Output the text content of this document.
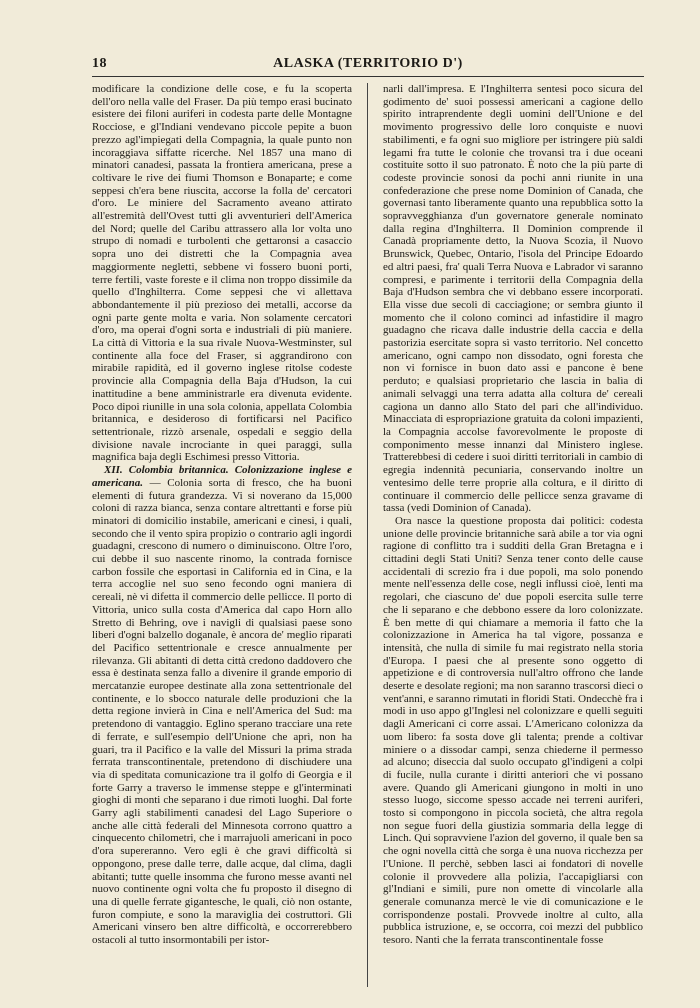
18	ALASKA (TERRITORIO D')

modificare la condizione delle cose, e fu la scoperta dell'oro nella valle del Fraser. Da più tempo erasi bucinato esistere dei filoni auriferi in codesta parte delle Montagne Rocciose, e gl'Indiani vendevano piccole pepite a buon prezzo agl'impiegati della Compagnia, la quale punto non incoraggiava siffatte ricerche. Nel 1857 una mano di minatori canadesi, passata la frontiera americana, prese a coltivare le rive dei fiumi Thomson e Bonaparte; e come seppesi ch'era bene riuscita, accorse la folla de' cercatori d'oro. Le miniere del Sacramento aveano attirato all'estremità dell'Ovest tutti gli avventurieri dell'America del Nord; quelle del Caribu attrassero alla lor volta uno strupo di nomadi e turbolenti che gettaronsi a casaccio sopra uno dei distretti che la Compagnia avea maggiormente negletti, sebbene vi fossero buoni porti, terre fertili, vaste foreste e il clima non troppo dissimile da quello d'Inghilterra. Come seppesi che vi allettava abbondantemente il più prezioso dei metalli, accorse da ogni parte gente molta e varia. Non solamente cercatori d'oro, ma operai d'ogni sorta e industriali di più maniere. La città di Vittoria e la sua rivale Nuova-Westminster, sul continente alla foce del Fraser, si aggrandirono con mirabile rapidità, ed il governo inglese ritolse codeste provincie alla Compagnia della Baja d'Hudson, la cui inattitudine a bene amministrarle era divenuta evidente. Poco dipoi riunille in una sola colonia, appellata Colombia britannica, e desideroso di fortificarsi nel Pacifico settentrionale, rizzò arsenale, ospedali e seggio della divisione navale incrociante in quei paraggi, sulla magnifica baja degli Eschimesi presso Vittoria.

XII. Colombia britannica. Colonizzazione inglese e americana. — Colonia sorta di fresco, che ha buoni elementi di futura grandezza. Vi si noverano da 15,000 coloni di razza bianca, senza contare altrettanti e forse più minatori di domicilio instabile, americani e cinesi, i quali, secondo che il vento spira propizio o contrario agli ingordi guadagni, crescono di numero o diminuiscono. Oltre l'oro, cui debbe il suo nascente rinomo, la contrada fornisce carbon fossile che esportasi in California ed in Cina, e la terra accoglie nel suo seno fecondo ogni maniera di cereali, nè vi difetta il commercio delle pellicce. Il porto di Vittoria, unico sulla costa d'America dal capo Horn allo Stretto di Behring, ove i navigli di qualsiasi paese sono liberi d'ogni balzello doganale, è ancora de' meglio riparati del Pacifico settentrionale e cresce annualmente per rilevanza. Gli abitanti di detta città credono daddovero che essa è destinata senza fallo a divenire il grande emporio di mercatanzie europee destinate alla zona settentrionale del continente, e lo sbocco naturale delle produzioni che la detta regione invierà in Cina e nell'America del Sud: ma pretendono di vantaggio. Eglino sperano tracciare una rete di ferrate, e sull'esempio dell'Unione che aprì, non ha guari, tra il Pacifico e la valle del Missuri la prima strada ferrata transcontinentale, pretendono di dischiudere una via di speditata comunicazione tra il golfo di Georgia e il forte Garry a traverso le immense steppe e gl'interminati gioghi di monti che separano i due rimoti luoghi. Dal forte Garry agli stabilimenti canadesi del Lago Superiore o anche alle città federali del Minnesota corrono quattro a cinquecento chilometri, che i marrajuoli americani in poco d'ora supereranno. Vero egli è che gravi difficoltà si oppongono, prese dalle terre, dalle acque, dal clima, dagli abitanti; tutte quelle insomma che furono messe avanti nel nuovo continente ogni volta che fu proposto il disegno di una di quelle ferrate gigantesche, le quali, ciò non ostante, furon compiute, e sono la maraviglia dei costruttori. Gli Americani vinsero ben altre difficoltà, e occorrerebbero ostacoli al tutto insormontabili per istor-

narli dall'impresa. E l'Inghilterra sentesi poco sicura del godimento de' suoi possessi americani a cagione dello spirito intraprendente degli uomini dell'Unione e del movimento progressivo delle loro conquiste e nuovi stabilimenti, e fa ogni suo migliore per istringere più saldi legami fra tutte le colonie che trovansi tra i due oceani costituite sotto il suo patronato. È noto che la più parte di codeste provincie sonosi da pochi anni riunite in una confederazione che prese nome Dominion of Canada, che governasi tanto liberamente quanto una repubblica sotto la sopravvegghianza d'un governatore generale nominato dalla regina d'Inghilterra. Il Dominion comprende il Canadà propriamente detto, la Nuova Scozia, il Nuovo Brunswick, Quebec, Ontario, l'isola del Principe Edoardo ed altri paesi, fra' quali Terra Nuova e Labrador vi saranno compresi, e parimente i territorii della Compagnia della Baja d'Hudson sembra che vi debbano essere incorporati. Ella visse due secoli di cacciagione; or sembra giunto il momento che il colono cominci ad infastidire il magro guadagno che ricava dalle industrie della caccia e della pastorizia esercitate sopra sì vasto territorio. Nel concetto americano, ogni campo non dissodato, ogni foresta che non vi fornisce in buon dato assi e pancone è bene perduto; e qualsiasi proprietario che lascia in balìa di animali selvaggi una terra adatta alla coltura de' cereali cagiona un danno allo Stato del pari che all'individuo. Minacciata di espropriazione gratuita da coloni impazienti, la Compagnia accolse favorevolmente le proposte di componimento messe innanzi dal Ministero inglese. Tratterebbesi di cedere i suoi diritti territoriali in cambio di egregia indennità pecuniaria, conservando inoltre un ventesimo delle terre proprie alla coltura, e il diritto di continuare il commercio delle pellicce senza gravame di tassa (vedi Dominion of Canada).

Ora nasce la questione proposta dai politici: codesta unione delle provincie britanniche sarà abile a tor via ogni ragione di conflitto tra i sudditi della Gran Bretagna e i cittadini degli Stati Uniti? Senza tener conto delle cause accidentali di screzio fra i due popoli, ma solo ponendo mente nell'essenza delle cose, negli influssi cioè, lenti ma regolari, che ciascuno de' due popoli esercita sulle terre che li separano e che debbono essere da loro colonizzate. È ben mette di qui chiamare a memoria il fatto che la colonizzazione in America ha tal vigore, possanza e intensità, che nulla di simile fu mai registrato nella storia d'Europa. I paesi che al presente sono oggetto di appetizione e di controversia null'altro offrono che lande deserte e desolate regioni; ma non saranno trascorsi dieci o vent'anni, e saranno rimutati in floridi Stati. Ondecchè fra i modi in uso appo gl'Inglesi nel colonizzare e quelli seguiti dagli Americani ci corre assai. L'Americano colonizza da uom libero: fa sosta dove gli talenta; prende a coltivar miniere o a dissodar campi, senza chiederne il permesso ad alcuno; diseccia dal suolo occupato gl'indigeni a colpi di fucile, nulla curante i diritti anteriori che vi possano avere. Quando gli Americani giungono in molti in uno stesso luogo, siccome spesso accade nei terreni auriferi, tosto si compongono in piccola società, che altra regola non segue fuori della giustizia sommaria della legge di Linch. Qui sopravviene l'azion del governo, il quale ben sa che ogni novella città che sorga è una nuova ricchezza per l'Unione. Il perchè, sebben lasci ai fondatori di novelle colonie il provvedere alla polizia, l'accapigliarsi con gl'Indiani e simili, pure non omette di vincolarle alla generale comunanza mercè le vie di comunicazione e le corrispondenze postali. Provvede inoltre al culto, alla pubblica istruzione, e, se occorra, coi mezzi del pubblico tesoro. Nanti che la ferrata transcontinentale fosse
